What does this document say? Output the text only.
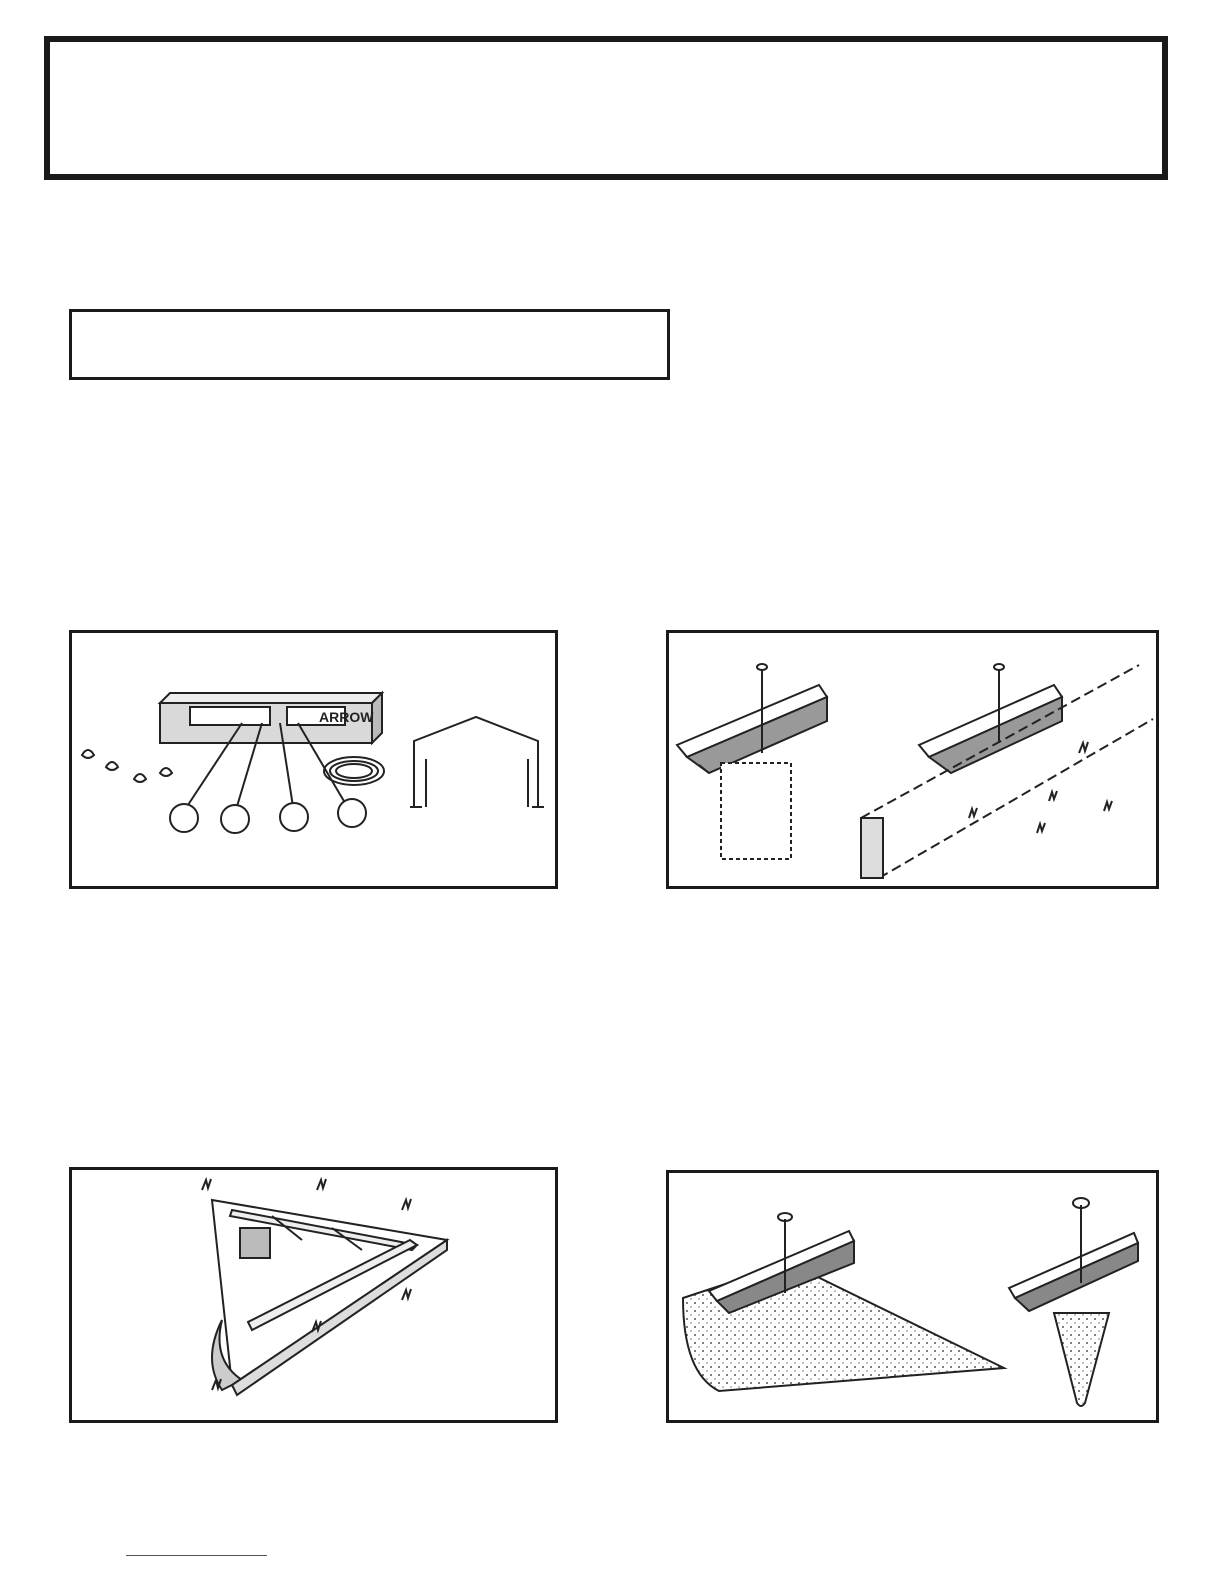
ARROW
